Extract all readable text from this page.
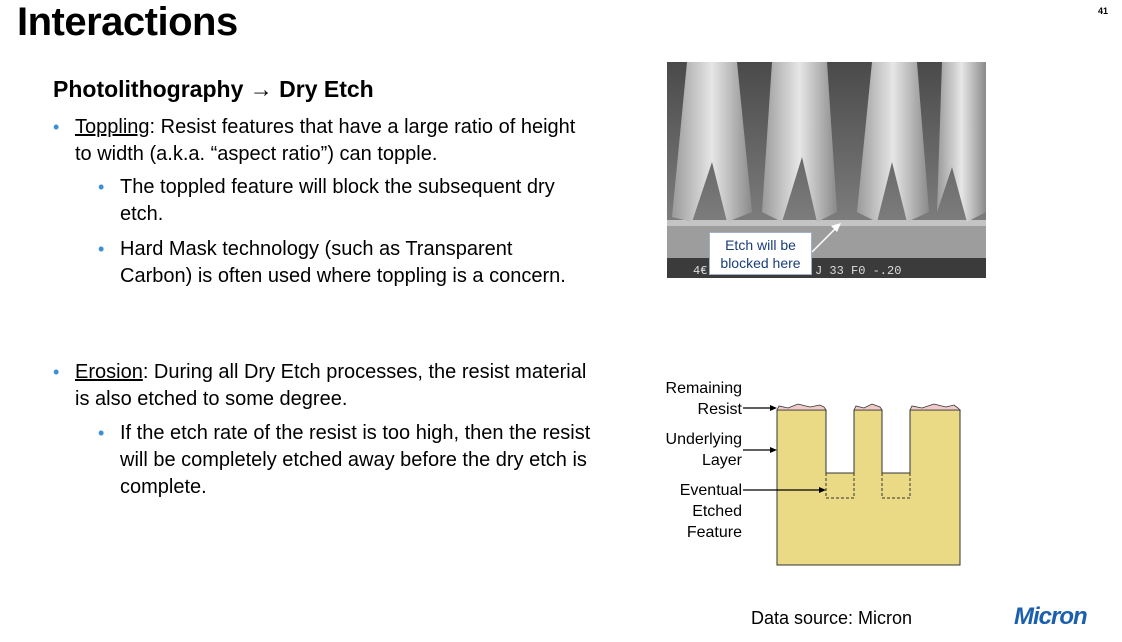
Interactions	41
Photolithography → Dry Etch
• Toppling: Resist features that have a large ratio of height to width (a.k.a. “aspect ratio”) can topple.
• The toppled feature will block the subsequent dry etch.
• Hard Mask technology (such as Transparent Carbon) is often used where toppling is a concern.
• Erosion: During all Dry Etch processes, the resist material is also etched to some degree.
• If the etch rate of the resist is too high, then the resist will be completely etched away before the dry etch is complete.
4€	J 33 F0 -.20
Etch will be
blocked here
Remaining
Resist
Underlying
Layer
Eventual
Etched
Feature
Data source: Micron	Micron
